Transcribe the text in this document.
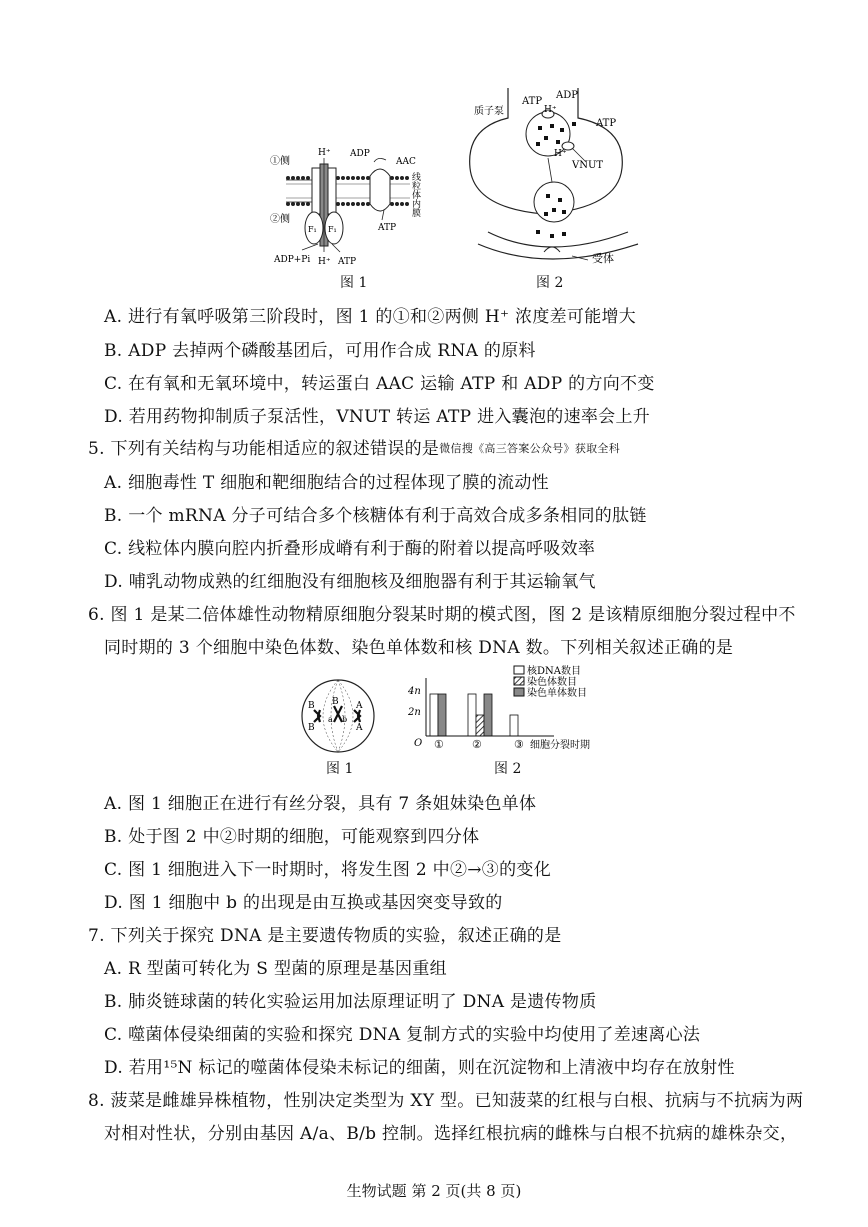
①侧
②侧
H⁺ ADP
AAC
ATP
线粒体内膜
F₁ F₁
ADP+Pi H⁺ ATP
图 1
ATP
ADP
H⁺
质子泵
ATP
H⁺
VNUT
受体
图 2
A. 进行有氧呼吸第三阶段时，图 1 的①和②两侧 H⁺ 浓度差可能增大
B. ADP 去掉两个磷酸基团后，可用作合成 RNA 的原料
C. 在有氧和无氧环境中，转运蛋白 AAC 运输 ATP 和 ADP 的方向不变
D. 若用药物抑制质子泵活性，VNUT 转运 ATP 进入囊泡的速率会上升
5. 下列有关结构与功能相适应的叙述错误的是微信搜《高三答案公众号》获取全科
A. 细胞毒性 T 细胞和靶细胞结合的过程体现了膜的流动性
B. 一个 mRNA 分子可结合多个核糖体有利于高效合成多条相同的肽链
C. 线粒体内膜向腔内折叠形成嵴有利于酶的附着以提高呼吸效率
D. 哺乳动物成熟的红细胞没有细胞核及细胞器有利于其运输氧气
6. 图 1 是某二倍体雄性动物精原细胞分裂某时期的模式图，图 2 是该精原细胞分裂过程中不
同时期的 3 个细胞中染色体数、染色单体数和核 DNA 数。下列相关叙述正确的是
B
B
b
B A
a
A
图 1
4n
2n
O ①	②	③ 细胞分裂时期
核DNA数目
染色体数目
染色单体数目
图 2
A. 图 1 细胞正在进行有丝分裂，具有 7 条姐妹染色单体
B. 处于图 2 中②时期的细胞，可能观察到四分体
C. 图 1 细胞进入下一时期时，将发生图 2 中②→③的变化
D. 图 1 细胞中 b 的出现是由互换或基因突变导致的
7. 下列关于探究 DNA 是主要遗传物质的实验，叙述正确的是
A. R 型菌可转化为 S 型菌的原理是基因重组
B. 肺炎链球菌的转化实验运用加法原理证明了 DNA 是遗传物质
C. 噬菌体侵染细菌的实验和探究 DNA 复制方式的实验中均使用了差速离心法
D. 若用¹⁵N 标记的噬菌体侵染未标记的细菌，则在沉淀物和上清液中均存在放射性
8. 菠菜是雌雄异株植物，性别决定类型为 XY 型。已知菠菜的红根与白根、抗病与不抗病为两
对相对性状，分别由基因 A/a、B/b 控制。选择红根抗病的雌株与白根不抗病的雄株杂交，
生物试题 第 2 页(共 8 页)
